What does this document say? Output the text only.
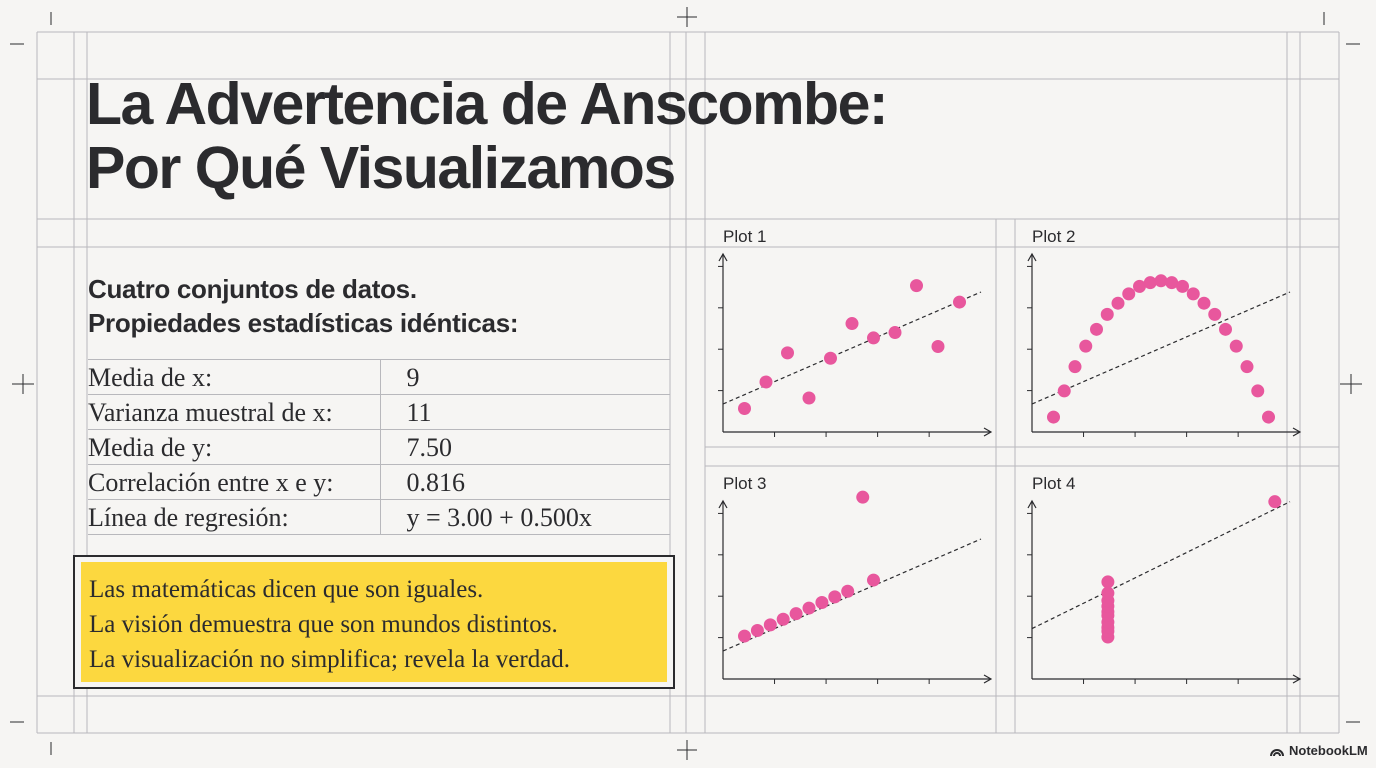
La Advertencia de Anscombe:
Por Qué Visualizamos
Cuatro conjuntos de datos.
Propiedades estadísticas idénticas:
Media de x:	9
Varianza muestral de x:	11
Media de y:	7.50
Correlación entre x e y:	0.816
Línea de regresión:	y = 3.00 + 0.500x
Las matemáticas dicen que son iguales.
La visión demuestra que son mundos distintos.
La visualización no simplifica; revela la verdad.
Plot 1	Plot 2
Plot 3	Plot 4
NotebookLM
